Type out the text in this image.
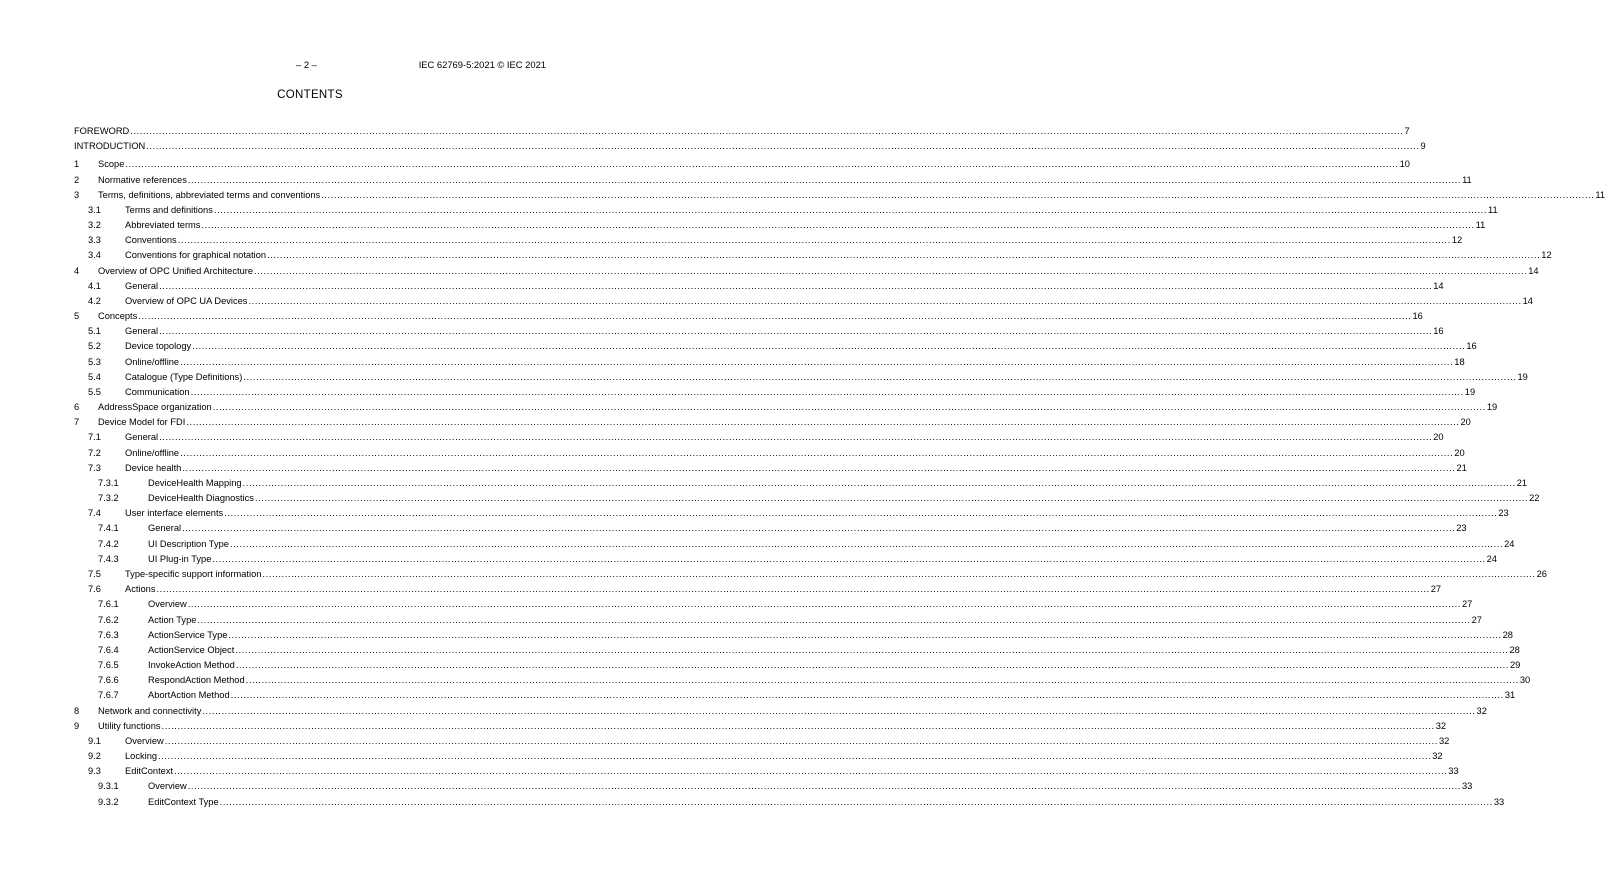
– 2 –	IEC 62769-5:2021 © IEC 2021
CONTENTS
FOREWORD ................................................................................................................................................................................................................................................................................................................................................................................................................ 7
INTRODUCTION ................................................................................................................................................................................................................................................................................................................................................................................................................ 9
1 Scope ................................................................................................................................................................................................................................................................................................................................................................................................................ 10
2 Normative references ................................................................................................................................................................................................................................................................................................................................................................................................................ 11
3 Terms, definitions, abbreviated terms and conventions ................................................................................................................................................................................................................................................................................................................................................................................................................ 11
3.1	Terms and definitions ................................................................................................................................................................................................................................................................................................................................................................................................................ 11
3.2	Abbreviated terms ................................................................................................................................................................................................................................................................................................................................................................................................................ 11
3.3	Conventions ................................................................................................................................................................................................................................................................................................................................................................................................................ 12
3.4	Conventions for graphical notation ................................................................................................................................................................................................................................................................................................................................................................................................................ 12
4 Overview of OPC Unified Architecture ................................................................................................................................................................................................................................................................................................................................................................................................................ 14
4.1	General ................................................................................................................................................................................................................................................................................................................................................................................................................ 14
4.2	Overview of OPC UA Devices ................................................................................................................................................................................................................................................................................................................................................................................................................ 14
5 Concepts ................................................................................................................................................................................................................................................................................................................................................................................................................ 16
5.1	General ................................................................................................................................................................................................................................................................................................................................................................................................................ 16
5.2	Device topology ................................................................................................................................................................................................................................................................................................................................................................................................................ 16
5.3	Online/offline ................................................................................................................................................................................................................................................................................................................................................................................................................ 18
5.4	Catalogue (Type Definitions) ................................................................................................................................................................................................................................................................................................................................................................................................................ 19
5.5	Communication ................................................................................................................................................................................................................................................................................................................................................................................................................ 19
6 AddressSpace organization ................................................................................................................................................................................................................................................................................................................................................................................................................ 19
7 Device Model for FDI ................................................................................................................................................................................................................................................................................................................................................................................................................ 20
7.1	General ................................................................................................................................................................................................................................................................................................................................................................................................................ 20
7.2	Online/offline ................................................................................................................................................................................................................................................................................................................................................................................................................ 20
7.3	Device health ................................................................................................................................................................................................................................................................................................................................................................................................................ 21
7.3.1	DeviceHealth Mapping ................................................................................................................................................................................................................................................................................................................................................................................................................ 21
7.3.2	DeviceHealth Diagnostics ................................................................................................................................................................................................................................................................................................................................................................................................................ 22
7.4	User interface elements ................................................................................................................................................................................................................................................................................................................................................................................................................ 23
7.4.1	General ................................................................................................................................................................................................................................................................................................................................................................................................................ 23
7.4.2	UI Description Type ................................................................................................................................................................................................................................................................................................................................................................................................................ 24
7.4.3	UI Plug-in Type ................................................................................................................................................................................................................................................................................................................................................................................................................ 24
7.5	Type-specific support information ................................................................................................................................................................................................................................................................................................................................................................................................................ 26
7.6	Actions ................................................................................................................................................................................................................................................................................................................................................................................................................ 27
7.6.1	Overview ................................................................................................................................................................................................................................................................................................................................................................................................................ 27
7.6.2	Action Type ................................................................................................................................................................................................................................................................................................................................................................................................................ 27
7.6.3	ActionService Type ................................................................................................................................................................................................................................................................................................................................................................................................................ 28
7.6.4	ActionService Object ................................................................................................................................................................................................................................................................................................................................................................................................................ 28
7.6.5	InvokeAction Method ................................................................................................................................................................................................................................................................................................................................................................................................................ 29
7.6.6	RespondAction Method ................................................................................................................................................................................................................................................................................................................................................................................................................ 30
7.6.7	AbortAction Method ................................................................................................................................................................................................................................................................................................................................................................................................................ 31
8 Network and connectivity ................................................................................................................................................................................................................................................................................................................................................................................................................ 32
9 Utility functions ................................................................................................................................................................................................................................................................................................................................................................................................................ 32
9.1	Overview ................................................................................................................................................................................................................................................................................................................................................................................................................ 32
9.2	Locking ................................................................................................................................................................................................................................................................................................................................................................................................................ 32
9.3	EditContext ................................................................................................................................................................................................................................................................................................................................................................................................................ 33
9.3.1	Overview ................................................................................................................................................................................................................................................................................................................................................................................................................ 33
9.3.2	EditContext Type ................................................................................................................................................................................................................................................................................................................................................................................................................ 33
